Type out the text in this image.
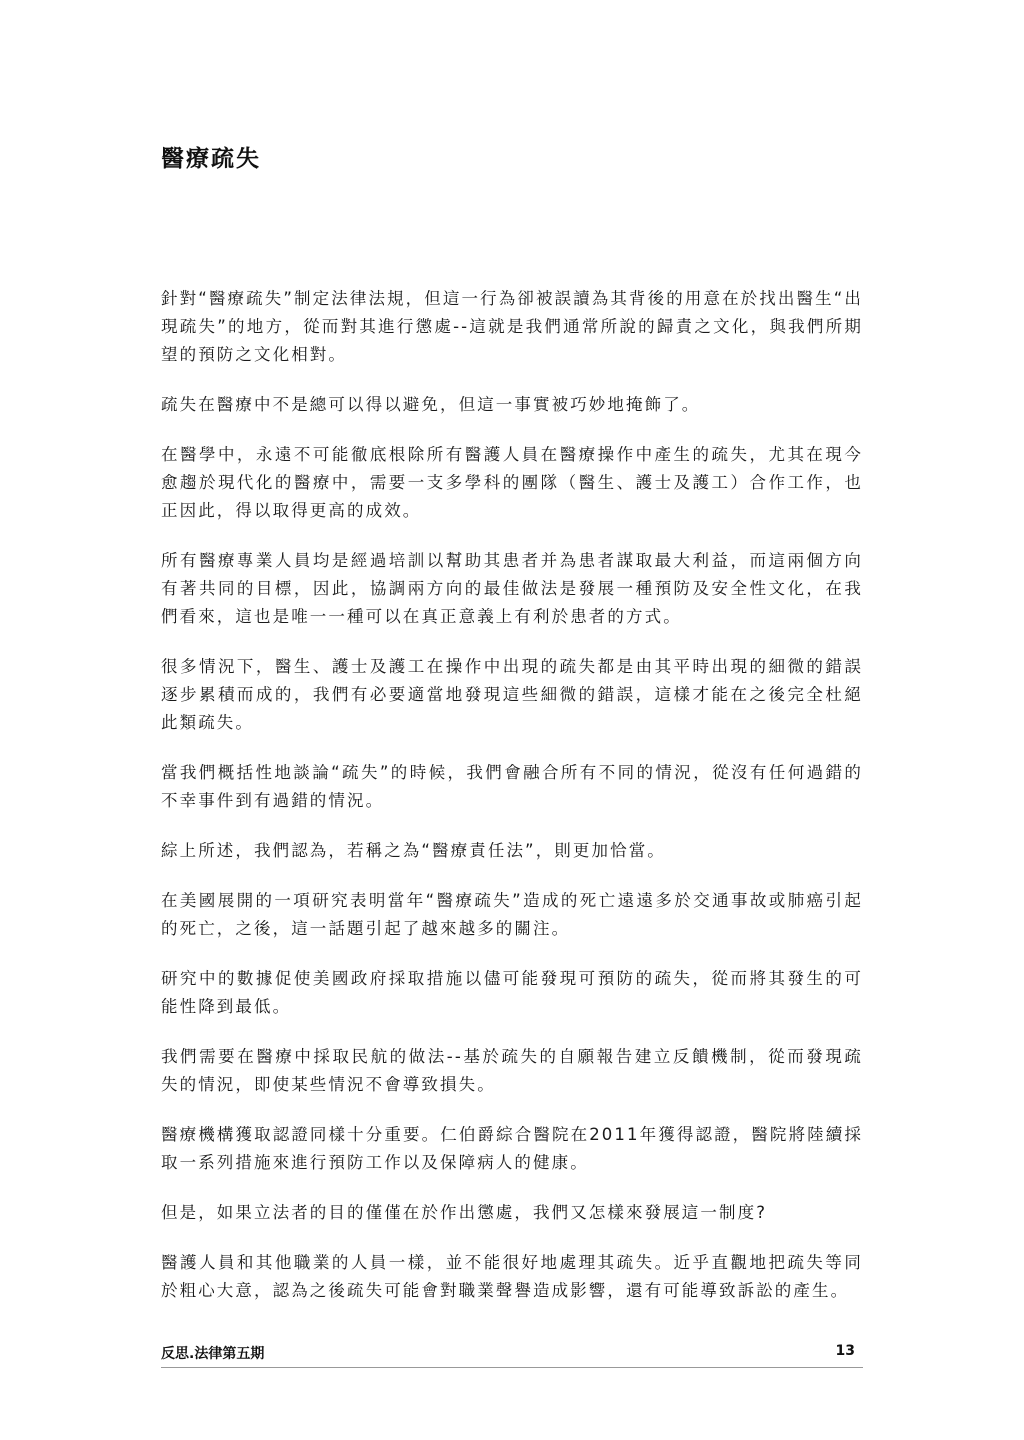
醫療疏失

針對“醫療疏失”制定法律法規，但這一行為卻被誤讀為其背後的用意在於找出醫生“出現疏失”的地方，從而對其進行懲處--這就是我們通常所說的歸責之文化，與我們所期望的預防之文化相對。

疏失在醫療中不是總可以得以避免，但這一事實被巧妙地掩飾了。

在醫學中，永遠不可能徹底根除所有醫護人員在醫療操作中產生的疏失，尤其在現今愈趨於現代化的醫療中，需要一支多學科的團隊（醫生、護士及護工）合作工作，也正因此，得以取得更高的成效。

所有醫療專業人員均是經過培訓以幫助其患者并為患者謀取最大利益，而這兩個方向有著共同的目標，因此，協調兩方向的最佳做法是發展一種預防及安全性文化，在我們看來，這也是唯一一種可以在真正意義上有利於患者的方式。

很多情況下，醫生、護士及護工在操作中出現的疏失都是由其平時出現的細微的錯誤逐步累積而成的，我們有必要適當地發現這些細微的錯誤，這樣才能在之後完全杜絕此類疏失。

當我們概括性地談論“疏失”的時候，我們會融合所有不同的情況，從沒有任何過錯的不幸事件到有過錯的情況。

綜上所述，我們認為，若稱之為“醫療責任法”，則更加恰當。

在美國展開的一項研究表明當年“醫療疏失”造成的死亡遠遠多於交通事故或肺癌引起的死亡，之後，這一話題引起了越來越多的關注。

研究中的數據促使美國政府採取措施以儘可能發現可預防的疏失，從而將其發生的可能性降到最低。

我們需要在醫療中採取民航的做法--基於疏失的自願報告建立反饋機制，從而發現疏失的情況，即使某些情況不會導致損失。

醫療機構獲取認證同樣十分重要。仁伯爵綜合醫院在2011年獲得認證，醫院將陸續採取一系列措施來進行預防工作以及保障病人的健康。

但是，如果立法者的目的僅僅在於作出懲處，我們又怎樣來發展這一制度?

醫護人員和其他職業的人員一樣，並不能很好地處理其疏失。近乎直觀地把疏失等同於粗心大意，認為之後疏失可能會對職業聲譽造成影響，還有可能導致訴訟的產生。

反思.法律第五期	13
